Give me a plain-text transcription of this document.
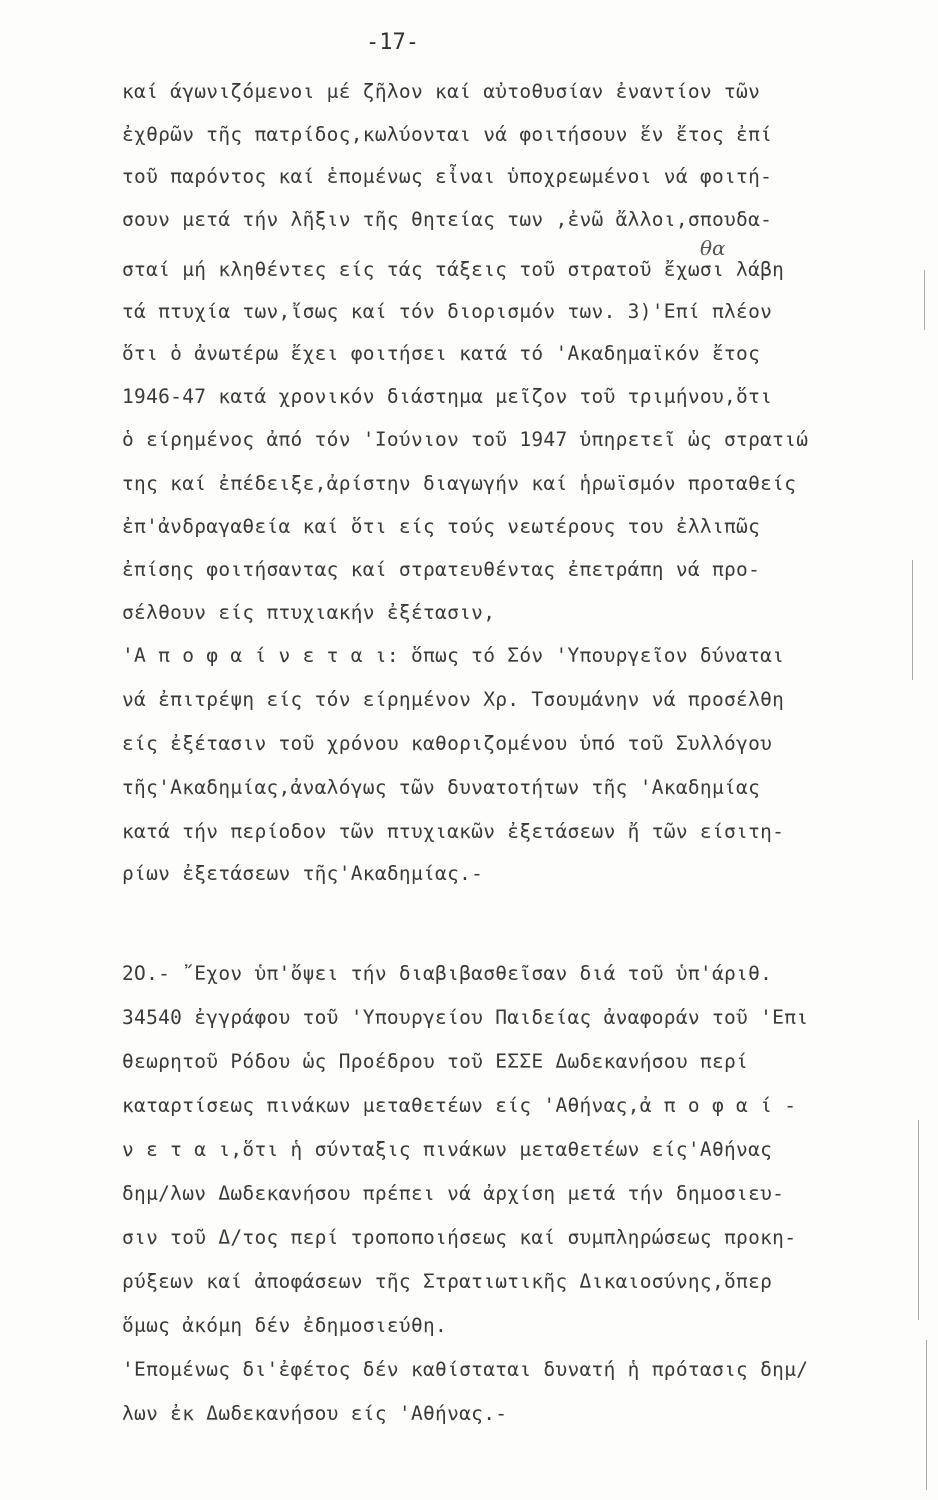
-17-
καί άγωνιζόμενοι μέ ζῆλον καί αὐτοθυσίαν ἐναντίον τῶν
ἐχθρῶν τῆς πατρίδος,κωλύονται νά φοιτήσουν ἕν ἔτος ἐπί
τοῦ παρόντος καί ἑπομένως εἶναι ὑποχρεωμένοι νά φοιτή-
σουν μετά τήν λῆξιν τῆς θητείας των ,ἐνῶ ἄλλοι,σπουδα-
σταί μή κληθέντες είς τάς τάξεις τοῦ στρατοῦ ἔχωσι λάβη
τά πτυχία των,ἴσως καί τόν διορισμόν των. 3)'Επί πλέον
ὅτι ὁ ἀνωτέρω ἔχει φοιτήσει κατά τό 'Ακαδημαϊκόν ἔτος
1946-47 κατά χρονικόν διάστημα μεῖζον τοῦ τριμήνου,ὅτι
ὁ είρημένος ἀπό τόν 'Ιούνιον τοῦ 1947 ὑπηρετεῖ ὡς στρατιώ
της καί ἐπέδειξε,ἀρίστην διαγωγήν καί ἡρωϊσμόν προταθείς
ἐπ'ἀνδραγαθεία καί ὅτι είς τούς νεωτέρους του ἐλλιπῶς
ἐπίσης φοιτήσαντας καί στρατευθέντας ἐπετράπη νά προ-
σέλθουν είς πτυχιακήν ἐξέτασιν,
'Α π ο φ α ί ν ε τ α ι: ὅπως τό Σόν 'Υπουργεῖον δύναται
νά ἐπιτρέψη είς τόν είρημένον Χρ. Τσουμάνην νά προσέλθη
είς ἐξέτασιν τοῦ χρόνου καθοριζομένου ὑπό τοῦ Συλλόγου
τῆς'Ακαδημίας,ἀναλόγως τῶν δυνατοτήτων τῆς 'Ακαδημίας
κατά τήν περίοδον τῶν πτυχιακῶν ἐξετάσεων ἤ τῶν είσιτη-
ρίων ἐξετάσεων τῆς'Ακαδημίας.-
θα
2Ο.- ῎Εχον ὑπ'ὄψει τήν διαβιβασθεῖσαν διά τοῦ ὑπ'άριθ.
34540 ἐγγράφου τοῦ 'Υπουργείου Παιδείας ἀναφοράν τοῦ 'Επι
θεωρητοῦ Ρόδου ὡς Προέδρου τοῦ ΕΣΣΕ Δωδεκανήσου περί
καταρτίσεως πινάκων μεταθετέων είς 'Αθήνας,ἀ π ο φ α ί -
ν ε τ α ι,ὅτι ἡ σύνταξις πινάκων μεταθετέων είς'Αθήνας
δημ/λων Δωδεκανήσου πρέπει νά ἀρχίση μετά τήν δημοσιευ-
σιν τοῦ Δ/τος περί τροποποιήσεως καί συμπληρώσεως προκη-
ρύξεων καί ἀποφάσεων τῆς Στρατιωτικῆς Δικαιοσύνης,ὅπερ
ὅμως ἀκόμη δέν ἐδημοσιεύθη.
'Επομένως δι'ἐφέτος δέν καθίσταται δυνατή ἡ πρότασις δημ/
λων ἐκ Δωδεκανήσου είς 'Αθήνας.-
